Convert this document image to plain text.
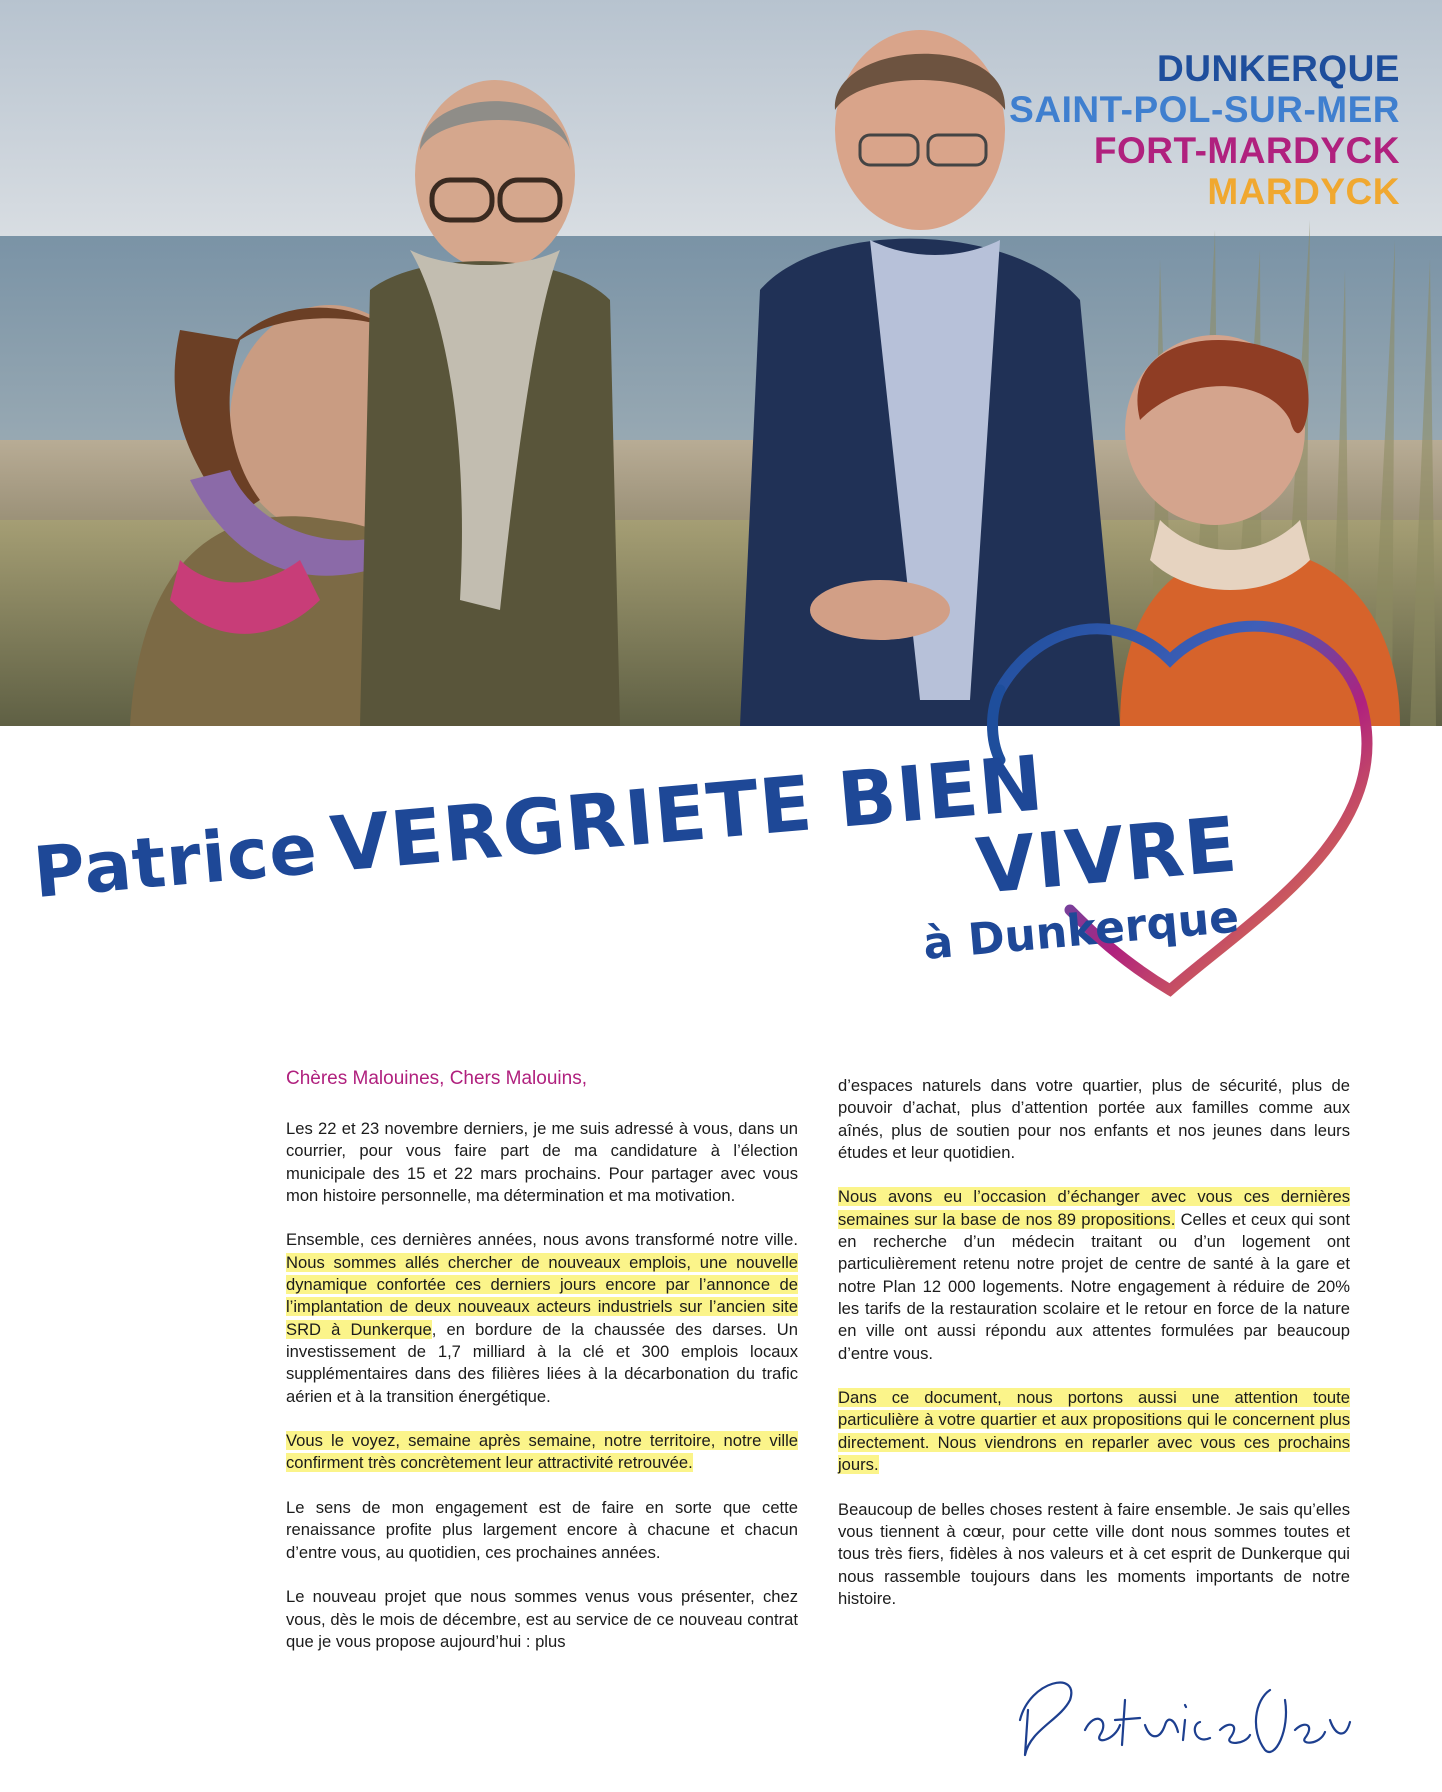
DUNKERQUE
SAINT-POL-SUR-MER
FORT-MARDYCK
MARDYCK
PatriceVERGRIETE BIEN
VIVRE
à Dunkerque
Chères Malouines, Chers Malouins,

Les 22 et 23 novembre derniers, je me suis adressé à vous, dans un courrier, pour vous faire part de ma candidature à l’élection municipale des 15 et 22 mars prochains. Pour partager avec vous mon histoire personnelle, ma détermination et ma motivation.

Ensemble, ces dernières années, nous avons transformé notre ville. Nous sommes allés chercher de nouveaux emplois, une nouvelle dynamique confortée ces derniers jours encore par l’annonce de l’implantation de deux nouveaux acteurs industriels sur l’ancien site SRD à Dunkerque, en bordure de la chaussée des darses. Un investissement de 1,7 milliard à la clé et 300 emplois locaux supplémentaires dans des filières liées à la décarbonation du trafic aérien et à la transition énergétique.

Vous le voyez, semaine après semaine, notre territoire, notre ville confirment très concrètement leur attractivité retrouvée.

Le sens de mon engagement est de faire en sorte que cette renaissance profite plus largement encore à chacune et chacun d’entre vous, au quotidien, ces prochaines années.

Le nouveau projet que nous sommes venus vous présenter, chez vous, dès le mois de décembre, est au service de ce nouveau contrat que je vous propose aujourd’hui : plus

d’espaces naturels dans votre quartier, plus de sécurité, plus de pouvoir d’achat, plus d’attention portée aux familles comme aux aînés, plus de soutien pour nos enfants et nos jeunes dans leurs études et leur quotidien.

Nous avons eu l’occasion d’échanger avec vous ces dernières semaines sur la base de nos 89 propositions. Celles et ceux qui sont en recherche d’un médecin traitant ou d’un logement ont particulièrement retenu notre projet de centre de santé à la gare et notre Plan 12 000 logements. Notre engagement à réduire de 20% les tarifs de la restauration scolaire et le retour en force de la nature en ville ont aussi répondu aux attentes formulées par beaucoup d’entre vous.

Dans ce document, nous portons aussi une attention toute particulière à votre quartier et aux propositions qui le concernent plus directement. Nous viendrons en reparler avec vous ces prochains jours.

Beaucoup de belles choses restent à faire ensemble. Je sais qu’elles vous tiennent à cœur, pour cette ville dont nous sommes toutes et tous très fiers, fidèles à nos valeurs et à cet esprit de Dunkerque qui nous rassemble toujours dans les moments importants de notre histoire.
